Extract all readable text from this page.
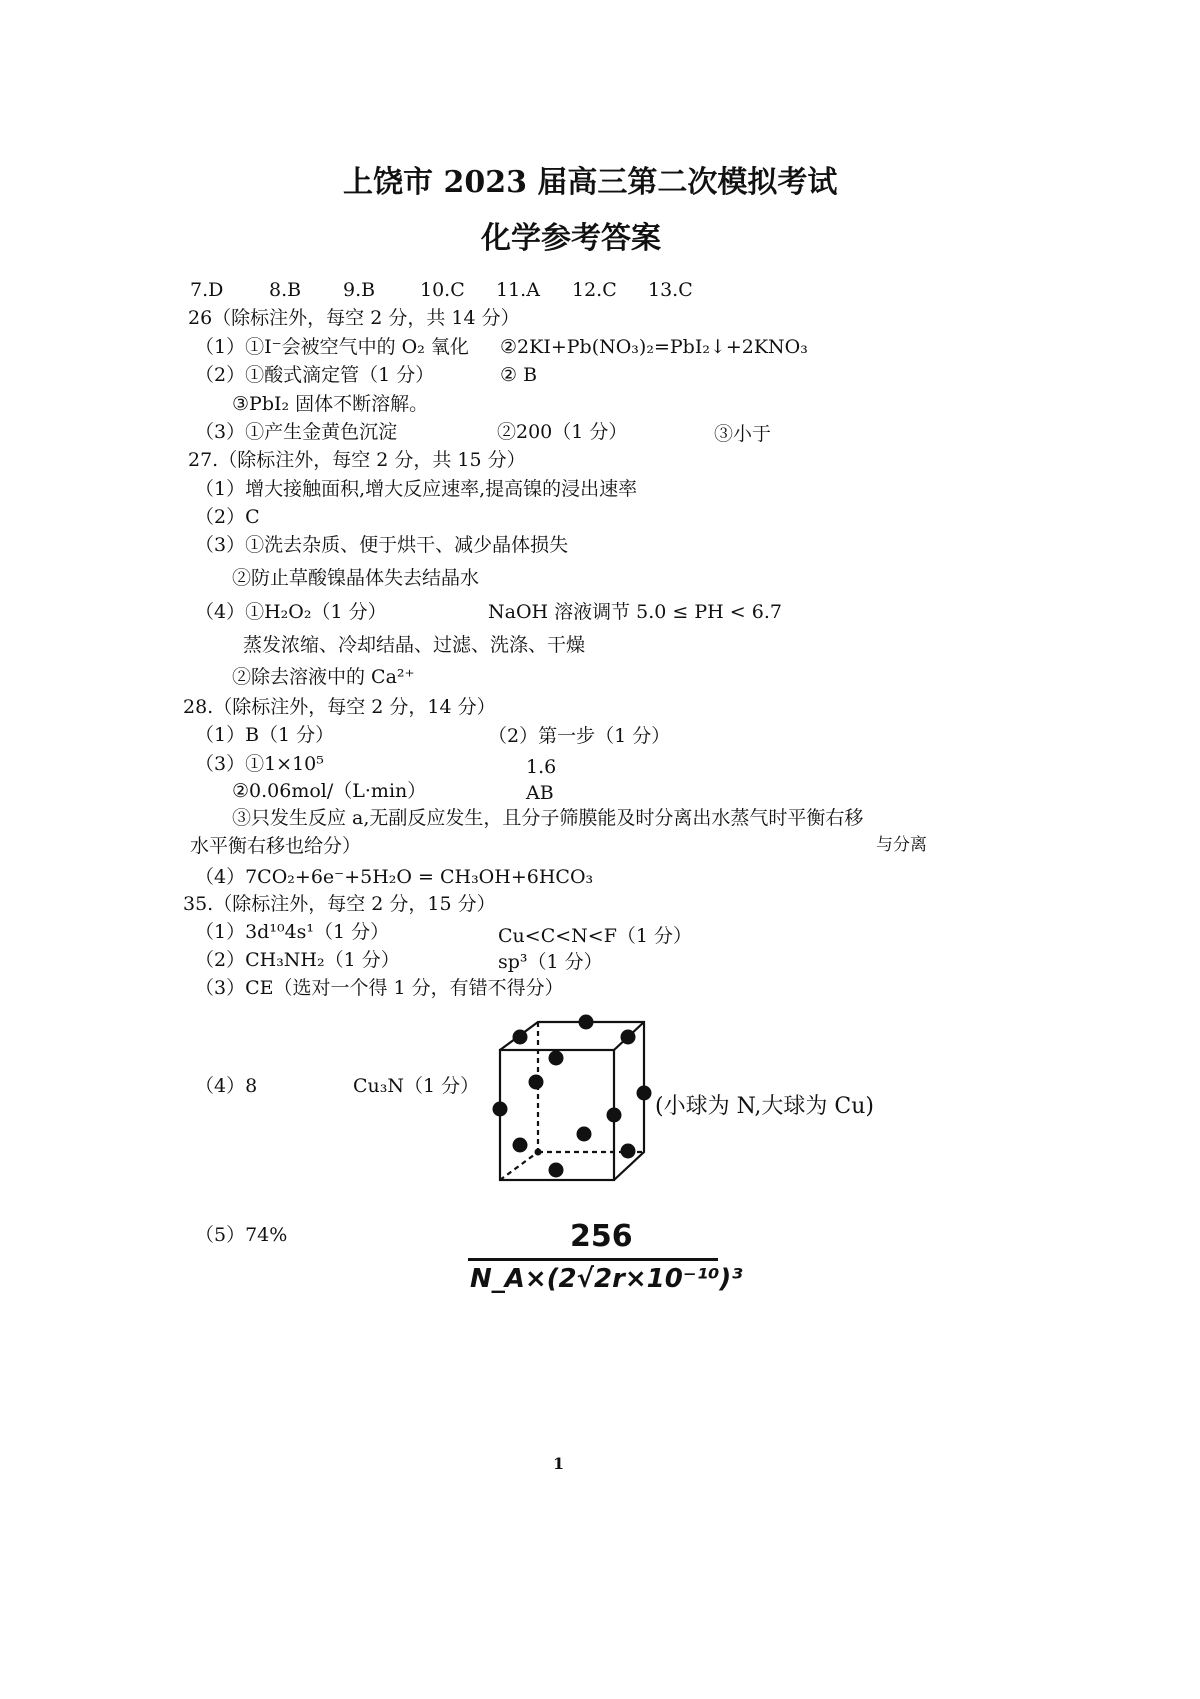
上饶市 2023 届高三第二次模拟考试
化学参考答案
7.D 8.B 9.B 10.C 11.A 12.C 13.C
26（除标注外，每空 2 分，共 14 分）
（1）①I⁻会被空气中的 O₂ 氧化 ②2KI+Pb(NO₃)₂=PbI₂↓+2KNO₃
（2）①酸式滴定管（1 分）	② B
③PbI₂ 固体不断溶解。
（3）①产生金黄色沉淀	②200（1 分）	③小于
27.（除标注外，每空 2 分，共 15 分）
（1）增大接触面积,增大反应速率,提高镍的浸出速率
（2）C
（3）①洗去杂质、便于烘干、减少晶体损失
②防止草酸镍晶体失去结晶水
（4）①H₂O₂（1 分）	NaOH 溶液调节 5.0 ≤ PH < 6.7
蒸发浓缩、冷却结晶、过滤、洗涤、干燥
②除去溶液中的 Ca²⁺
28.（除标注外，每空 2 分，14 分）
（1）B（1 分）	（2）第一步（1 分）
（3）①1×10⁵	1.6
②0.06mol/（L·min）	AB
③只发生反应 a,无副反应发生，且分子筛膜能及时分离出水蒸气时平衡右移
与分离
水平衡右移也给分）
（4）7CO₂+6e⁻+5H₂O = CH₃OH+6HCO₃
35.（除标注外，每空 2 分，15 分）
（1）3d¹⁰4s¹（1 分）	Cu<C<N<F（1 分）
（2）CH₃NH₂（1 分）	sp³（1 分）
（3）CE（选对一个得 1 分，有错不得分）
（4）8	Cu₃N（1 分）
(小球为 N,大球为 Cu)
（5）74%	256
N_A×(2√2r×10⁻¹⁰)³
1
